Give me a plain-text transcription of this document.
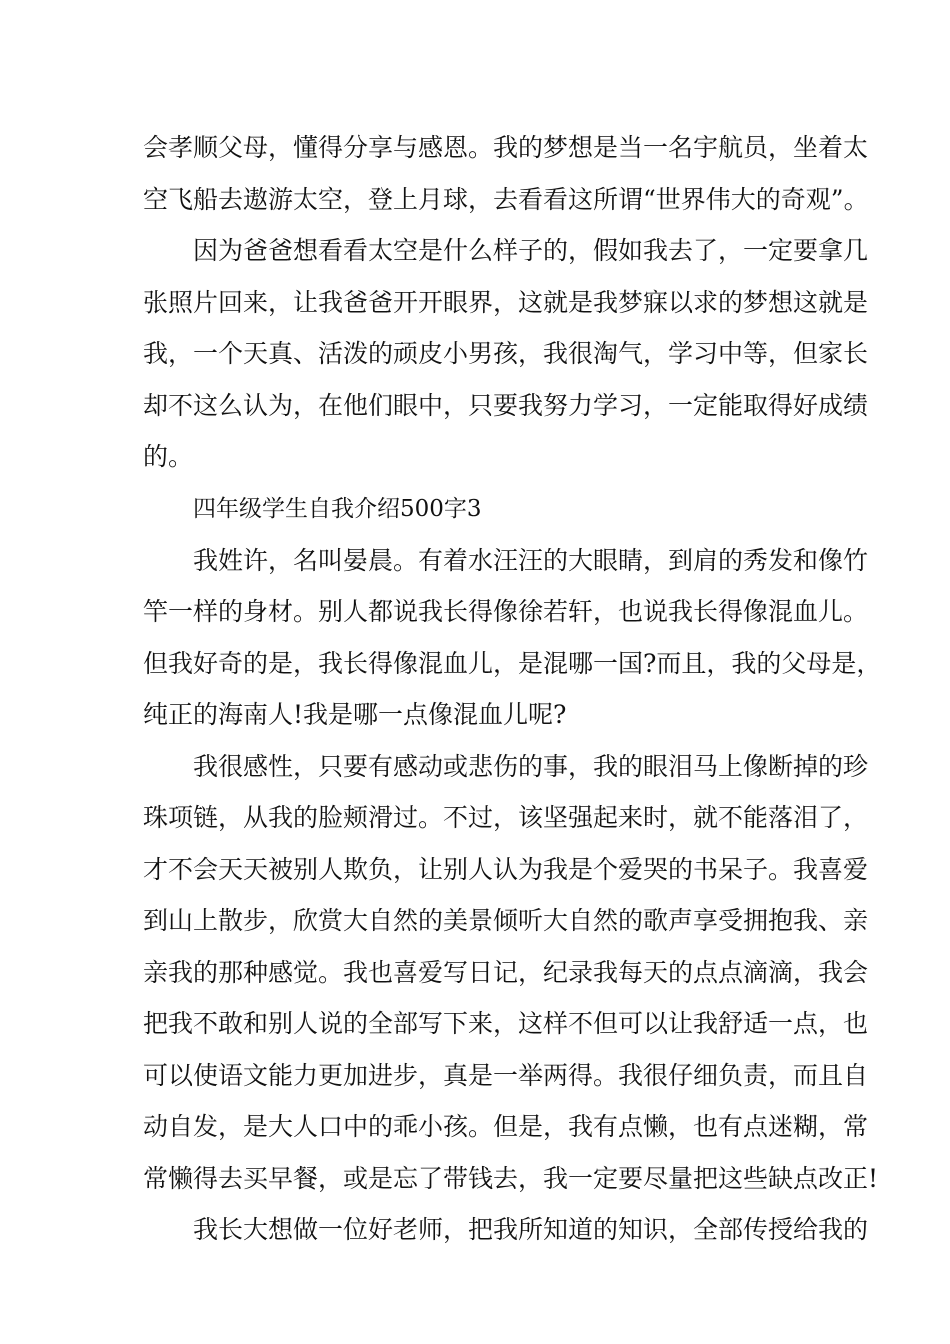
会孝顺父母，懂得分享与感恩。我的梦想是当一名宇航员，坐着太
空飞船去遨游太空，登上月球，去看看这所谓“世界伟大的奇观”。
因为爸爸想看看太空是什么样子的，假如我去了，一定要拿几
张照片回来，让我爸爸开开眼界，这就是我梦寐以求的梦想这就是
我，一个天真、活泼的顽皮小男孩，我很淘气，学习中等，但家长
却不这么认为，在他们眼中，只要我努力学习，一定能取得好成绩
的。
四年级学生自我介绍500字3
我姓许，名叫晏晨。有着水汪汪的大眼睛，到肩的秀发和像竹
竿一样的身材。别人都说我长得像徐若轩，也说我长得像混血儿。
但我好奇的是，我长得像混血儿，是混哪一国?而且，我的父母是，
纯正的海南人!我是哪一点像混血儿呢?
我很感性，只要有感动或悲伤的事，我的眼泪马上像断掉的珍
珠项链，从我的脸颊滑过。不过，该坚强起来时，就不能落泪了，
才不会天天被别人欺负，让别人认为我是个爱哭的书呆子。我喜爱
到山上散步，欣赏大自然的美景倾听大自然的歌声享受拥抱我、亲
亲我的那种感觉。我也喜爱写日记，纪录我每天的点点滴滴，我会
把我不敢和别人说的全部写下来，这样不但可以让我舒适一点，也
可以使语文能力更加进步，真是一举两得。我很仔细负责，而且自
动自发，是大人口中的乖小孩。但是，我有点懒，也有点迷糊，常
常懒得去买早餐，或是忘了带钱去，我一定要尽量把这些缺点改正!
我长大想做一位好老师，把我所知道的知识，全部传授给我的
